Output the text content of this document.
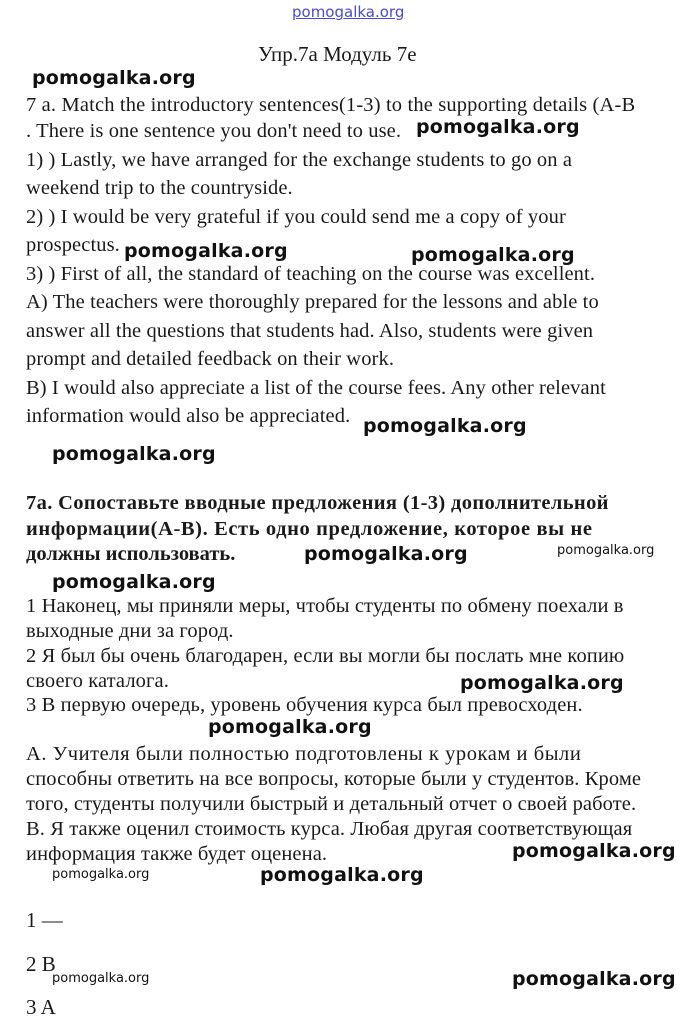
pomogalka.org
Упр.7а Модуль 7е
7 a. Match the introductory sentences(1-3) to the supporting details (A-B
. There is one sentence you don't need to use.
1) ) Lastly, we have arranged for the exchange students to go on a
weekend trip to the countryside.
2) ) I would be very grateful if you could send me a copy of your
prospectus.
3) ) First of all, the standard of teaching on the course was excellent.
A) The teachers were thoroughly prepared for the lessons and able to
answer all the questions that students had. Also, students were given
prompt and detailed feedback on their work.
B) I would also appreciate a list of the course fees. Any other relevant
information would also be appreciated.
7a. Сопоставьте вводные предложения (1-3) дополнительной
информации(A-B). Есть одно предложение, которое вы не
должны использовать.
1 Наконец, мы приняли меры, чтобы студенты по обмену поехали в
выходные дни за город.
2 Я был бы очень благодарен, если вы могли бы послать мне копию
своего каталога.
3 В первую очередь, уровень обучения курса был превосходен.
А. Учителя были полностью подготовлены к урокам и были
способны ответить на все вопросы, которые были у студентов. Кроме
того, студенты получили быстрый и детальный отчет о своей работе.
В. Я также оценил стоимость курса. Любая другая соответствующая
информация также будет оценена.
1 —
2 B
3 A
pomogalka.org
pomogalka.org
pomogalka.org	pomogalka.org
pomogalka.org
pomogalka.org
pomogalka.org	pomogalka.org
pomogalka.org
pomogalka.org
pomogalka.org
pomogalka.org
pomogalka.org	pomogalka.org
pomogalka.org	pomogalka.org
